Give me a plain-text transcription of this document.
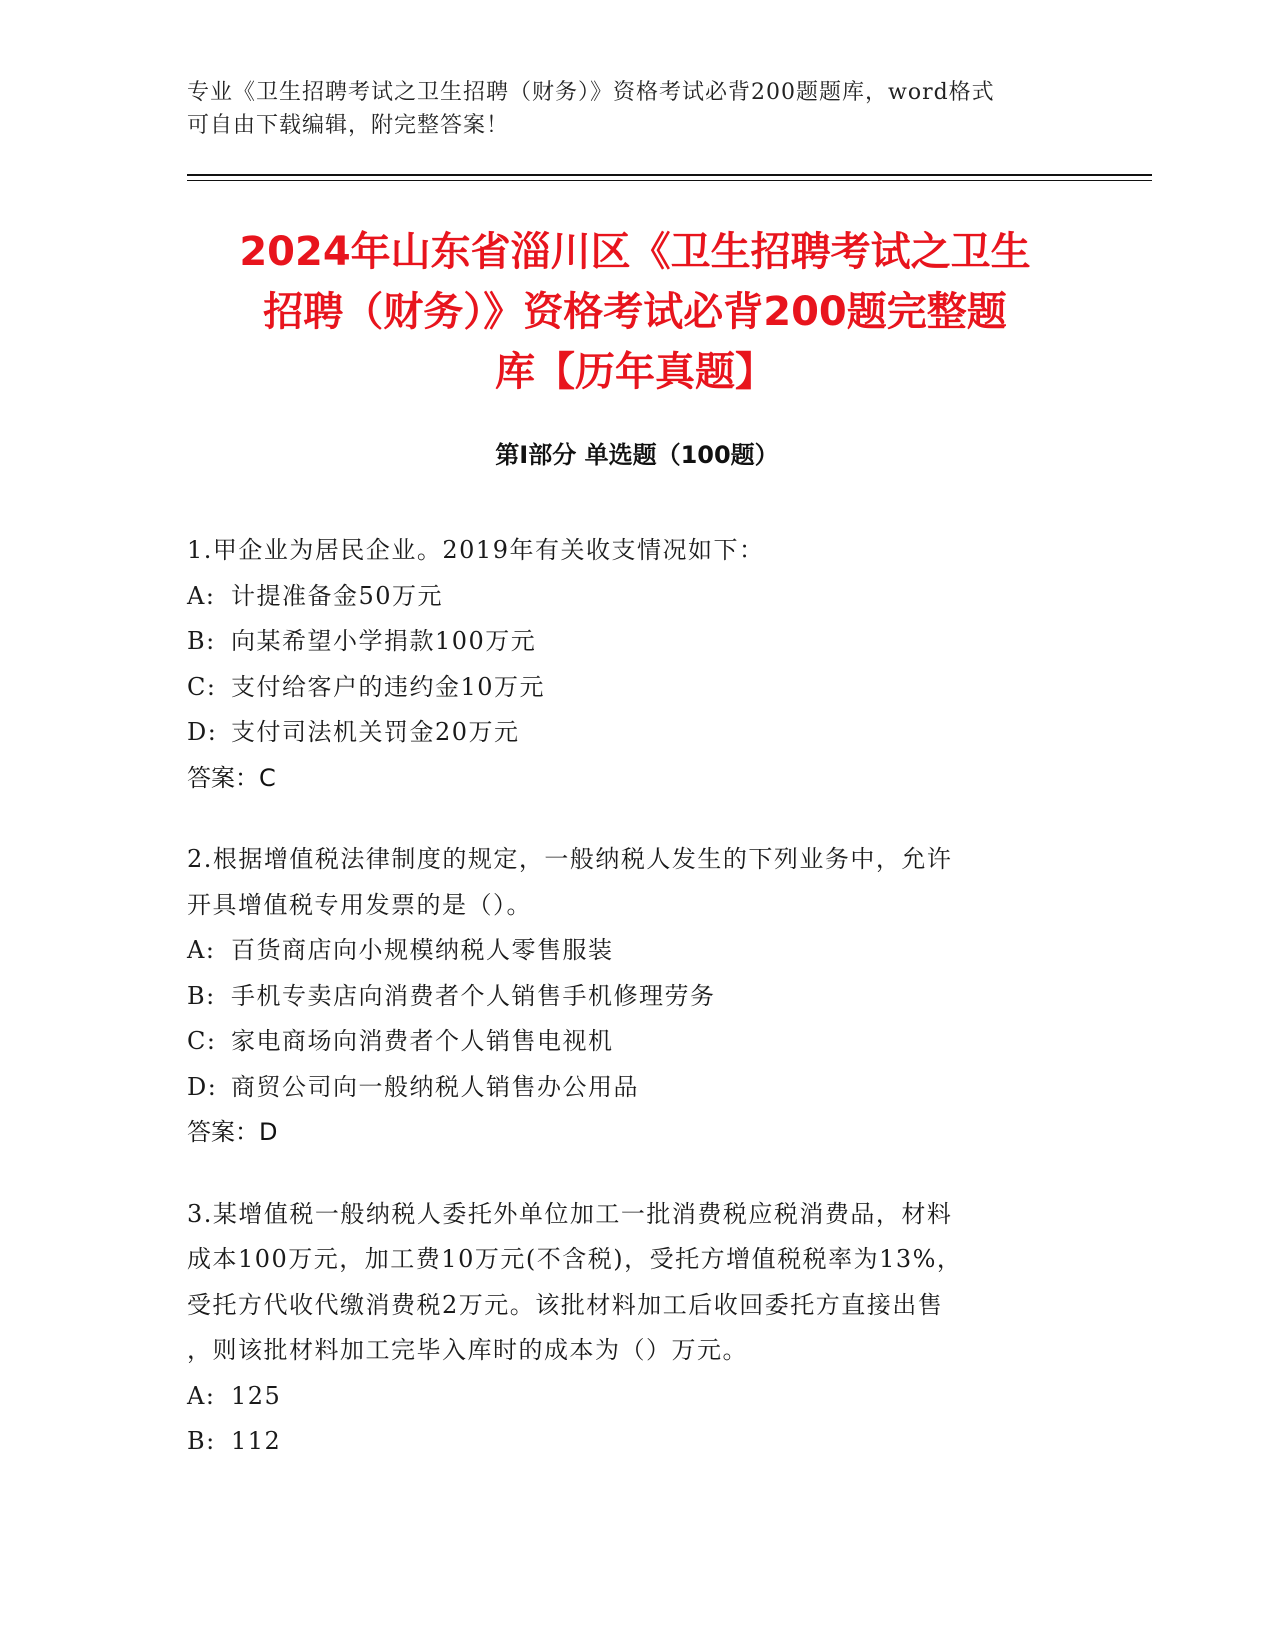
专业《卫生招聘考试之卫生招聘（财务）》资格考试必背200题题库，word格式
可自由下载编辑，附完整答案！
2024年山东省淄川区《卫生招聘考试之卫生
招聘（财务）》资格考试必背200题完整题
库【历年真题】
第Ⅰ部分 单选题（100题）
1.甲企业为居民企业。2019年有关收支情况如下：
A: 计提准备金50万元
B: 向某希望小学捐款100万元
C: 支付给客户的违约金10万元
D: 支付司法机关罚金20万元
答案：C
2.根据增值税法律制度的规定，一般纳税人发生的下列业务中，允许
开具增值税专用发票的是（）。
A: 百货商店向小规模纳税人零售服装
B: 手机专卖店向消费者个人销售手机修理劳务
C: 家电商场向消费者个人销售电视机
D: 商贸公司向一般纳税人销售办公用品
答案：D
3.某增值税一般纳税人委托外单位加工一批消费税应税消费品，材料
成本100万元，加工费10万元(不含税)，受托方增值税税率为13%，
受托方代收代缴消费税2万元。该批材料加工后收回委托方直接出售
，则该批材料加工完毕入库时的成本为（）万元。
A: 125
B: 112
